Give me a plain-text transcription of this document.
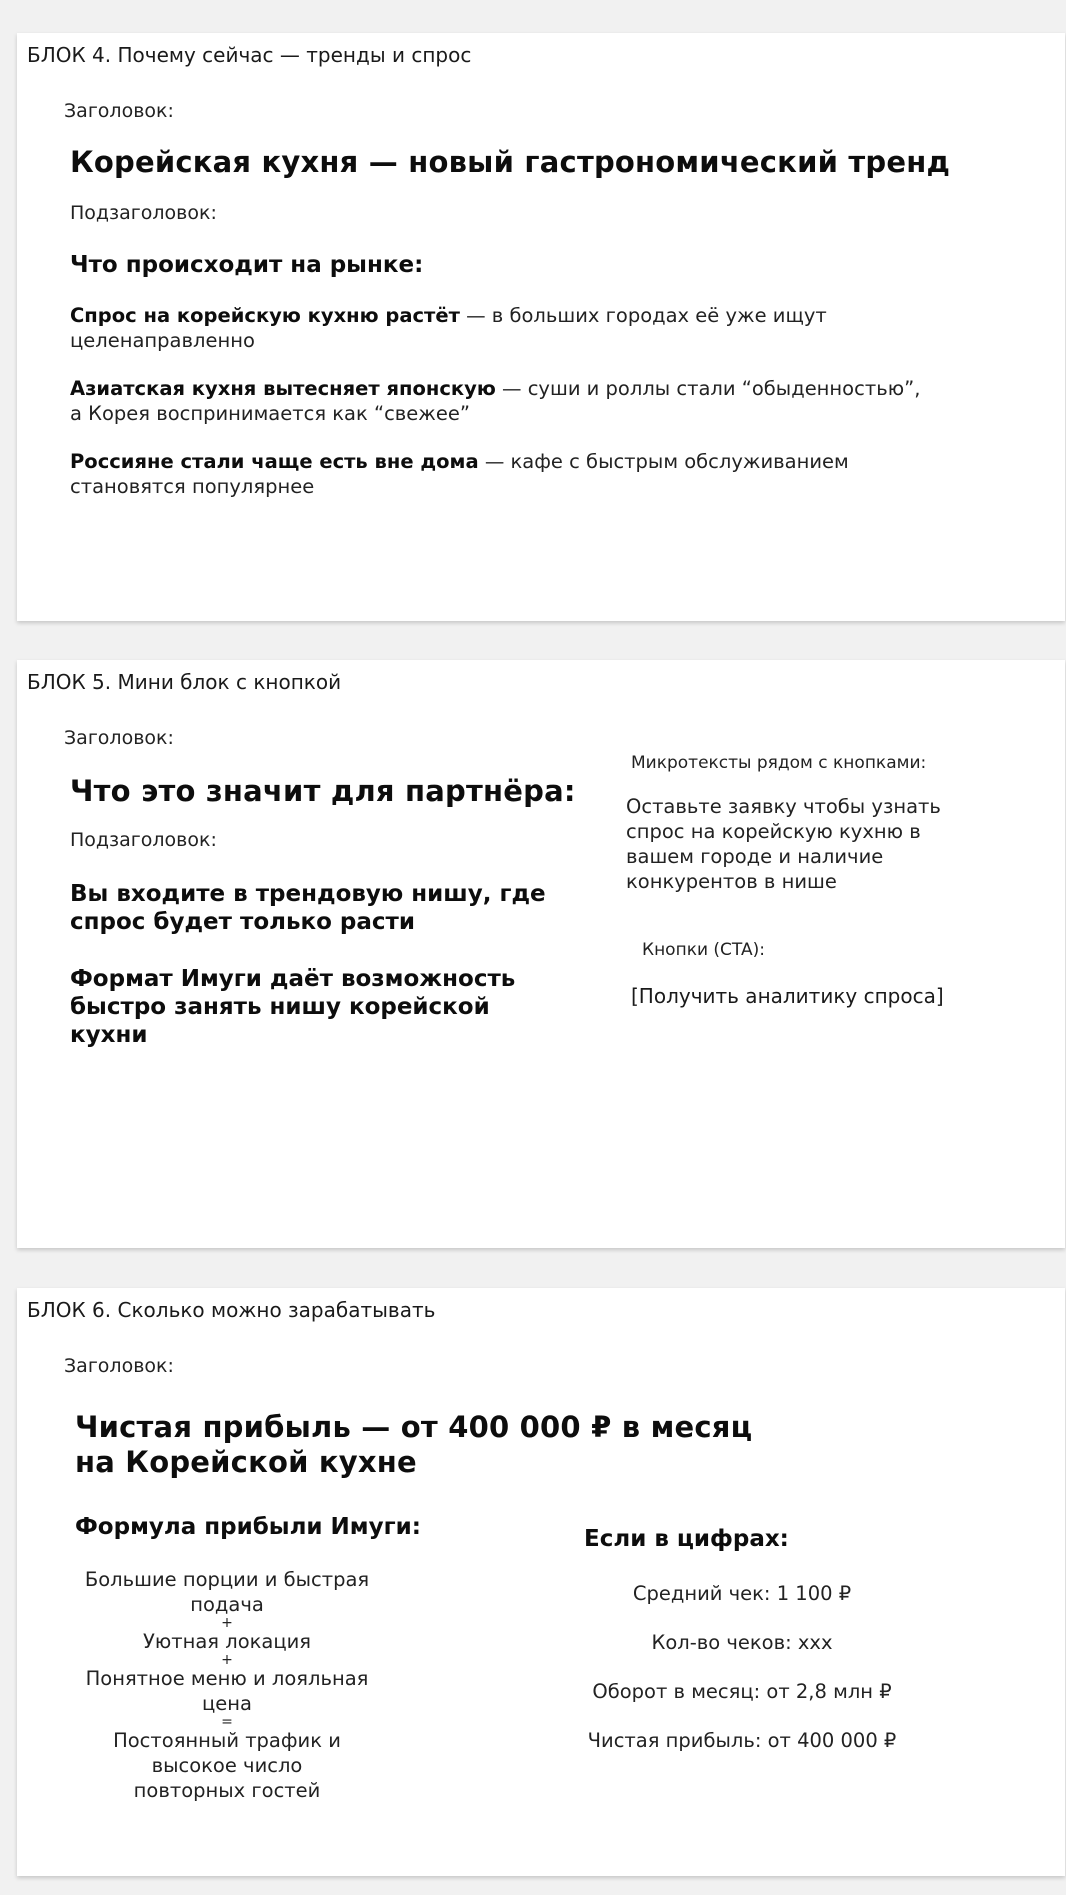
БЛОК 4. Почему сейчас — тренды и спрос
Заголовок:
Корейская кухня — новый гастрономический тренд
Подзаголовок:
Что происходит на рынке:
Спрос на корейскую кухню растёт — в больших городах её уже ищут целенаправленно
Азиатская кухня вытесняет японскую — суши и роллы стали “обыденностью”, а Корея воспринимается как “свежее”
Россияне стали чаще есть вне дома — кафе с быстрым обслуживанием становятся популярнее
БЛОК 5. Мини блок с кнопкой
Заголовок:
Что это значит для партнёра:
Подзаголовок:
Вы входите в трендовую нишу, где спрос будет только расти
Формат Имуги даёт возможность быстро занять нишу корейской кухни
Микротексты рядом с кнопками:
Оставьте заявку чтобы узнать спрос на корейскую кухню в вашем городе и наличие конкурентов в нише
Кнопки (CTA):
[Получить аналитику спроса]
БЛОК 6. Сколько можно зарабатывать
Заголовок:
Чистая прибыль — от 400 000 ₽ в месяц
на Корейской кухне
Формула прибыли Имуги:
Большие порции и быстрая подача
+
Уютная локация
+
Понятное меню и лояльная цена
=
Постоянный трафик и высокое число повторных гостей
Если в цифрах:
Средний чек: 1 100 ₽
Кол-во чеков: ххх
Оборот в месяц: от 2,8 млн ₽
Чистая прибыль: от 400 000 ₽
